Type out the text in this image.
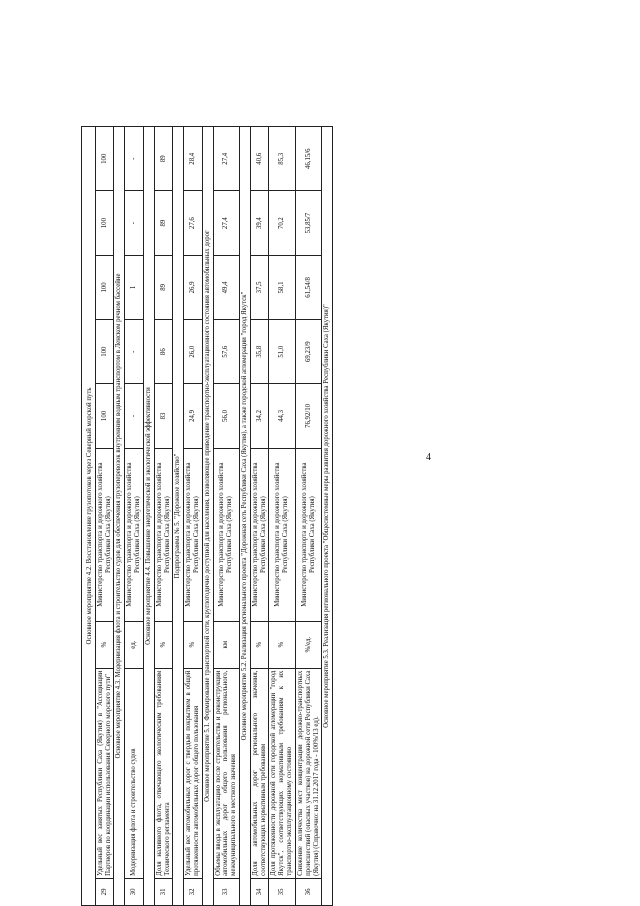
4
Основное мероприятие 4.2. Восстановление грузопотоков через Северный морской путь								
29	Удельный вес занятых Республики Саха (Якутия) в "Ассоциации Партнеров по координации использования Северного морского пути"	%	Министерство транспорта и дорожного хозяйства Республики Саха (Якутия)	100	100	100	100	100
Основное мероприятие 4.3. Модернизация флота и строительство судов для обеспечения грузоперевозок внутренним водным транспортом в Ленском речном бассейне								
30	Модернизация флота и строительство судов	ед.	Министерство транспорта и дорожного хозяйства Республики Саха (Якутия)	-	-	1	-	-
Основное мероприятие 4.4. Повышение энергетической и экологической эффективности								
31	Доля наливного флота, отвечающего экологическим требованиям Технического регламента	%	Министерство транспорта и дорожного хозяйства Республики Саха (Якутия)	83	86	89	89	89
Подпрограмма № 5. "Дорожное хозяйство"								
32	Удельный вес автомобильных дорог с твердым покрытием в общей протяженности автомобильных дорог общего пользования	%	Министерство транспорта и дорожного хозяйства Республики Саха (Якутия)	24,9	26,0	26,9	27,6	28,4
Основное мероприятие 5.1. Формирование транспортной сети, круглогодично доступной для населения, позволяющее приведение транспортно-эксплуатационного состояния автомобильных дорог								
33	Объемы ввода в эксплуатацию после строительства и реконструкции автомобильных дорог общего пользования регионального, межмуниципального и местного значения	км	Министерство транспорта и дорожного хозяйства Республики Саха (Якутия)	56,0	57,6	49,4	27,4	27,4
Основное мероприятие 5.2. Реализация регионального проекта "Дорожная сеть Республики Саха (Якутия), а также городской агломерации "город Якутск"								
34	Доля автомобильных дорог регионального значения, соответствующих нормативным требованиям	%	Министерство транспорта и дорожного хозяйства Республики Саха (Якутия)	34,2	35,8	37,5	39,4	40,6
35	Доля протяженности дорожной сети городской агломерации "город Якутск", соответствующих нормативным требованиям к их транспортно-эксплуатационному состоянию	%	Министерство транспорта и дорожного хозяйства Республики Саха (Якутия)	44,3	51,0	58,1	70,2	85,3
36	Снижение количества мест концентрации дорожно-транспортных происшествий (опасных участков) на дорожной сети Республики Саха (Якутия) (Справочно: на 31.12.2017 года - 100%/13 ед).	%/ед.	Министерство транспорта и дорожного хозяйства Республики Саха (Якутия)	76,92/10	69,23/9	61,54/8	53,85/7	46,15/6
Основное мероприятие 5.3. Реализация регионального проекта "Общесистемные меры развития дорожного хозяйства Республики Саха (Якутия)"								
